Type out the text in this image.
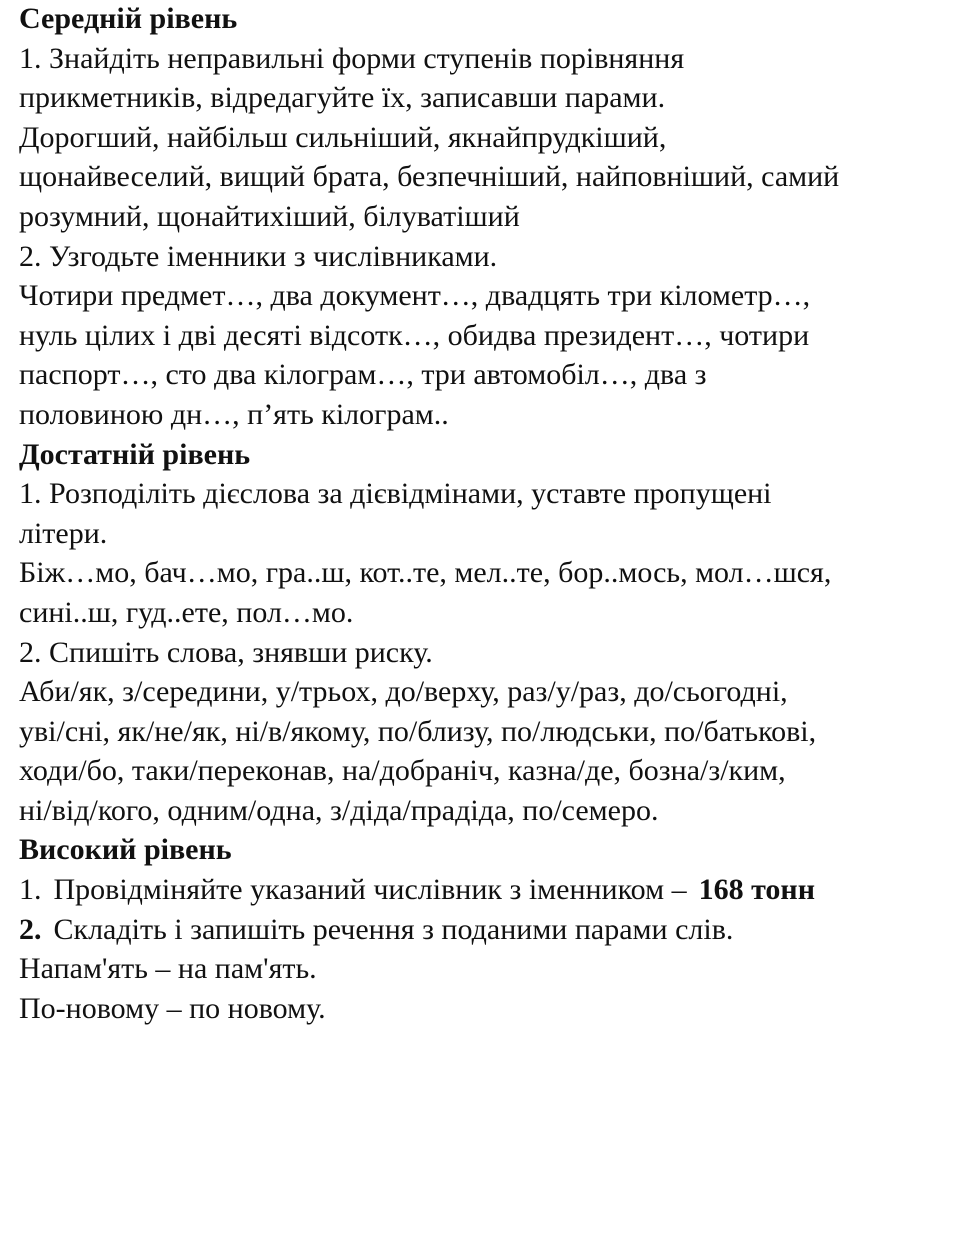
Середній рівень
1. Знайдіть неправильні форми ступенів порівняння
прикметників, відредагуйте їх, записавши парами.
Дорогший, найбільш сильніший, якнайпрудкіший,
щонайвеселий, вищий брата, безпечніший, найповніший, самий
розумний, щонайтихіший, білуватіший
2. Узгодьте іменники з числівниками.
Чотири предмет…, два документ…, двадцять три кілометр…,
нуль цілих і дві десяті відсотк…, обидва президент…, чотири
паспорт…, сто два кілограм…, три автомобіл…, два з
половиною дн…, п’ять кілограм..
Достатній рівень
1. Розподіліть дієслова за дієвідмінами, уставте пропущені
літери.
Біж…мо, бач…мо, гра..ш, кот..те, мел..те, бор..мось, мол…шся,
сині..ш, гуд..ете, пол…мо.
2. Спишіть слова, знявши риску.
Аби/як, з/середини, у/трьох, до/верху, раз/у/раз, до/сьогодні,
уві/сні, як/не/як, ні/в/якому, по/близу, по/людськи, по/батькові,
ходи/бо, таки/переконав, на/добраніч, казна/де, бозна/з/ким,
ні/від/кого, одним/одна, з/діда/прадіда, по/семеро.
Високий рівень
1. Провідміняйте указаний числівник з іменником – 168 тонн
2. Складіть і запишіть речення з поданими парами слів.
Напам'ять – на пам'ять.
По-новому – по новому.
